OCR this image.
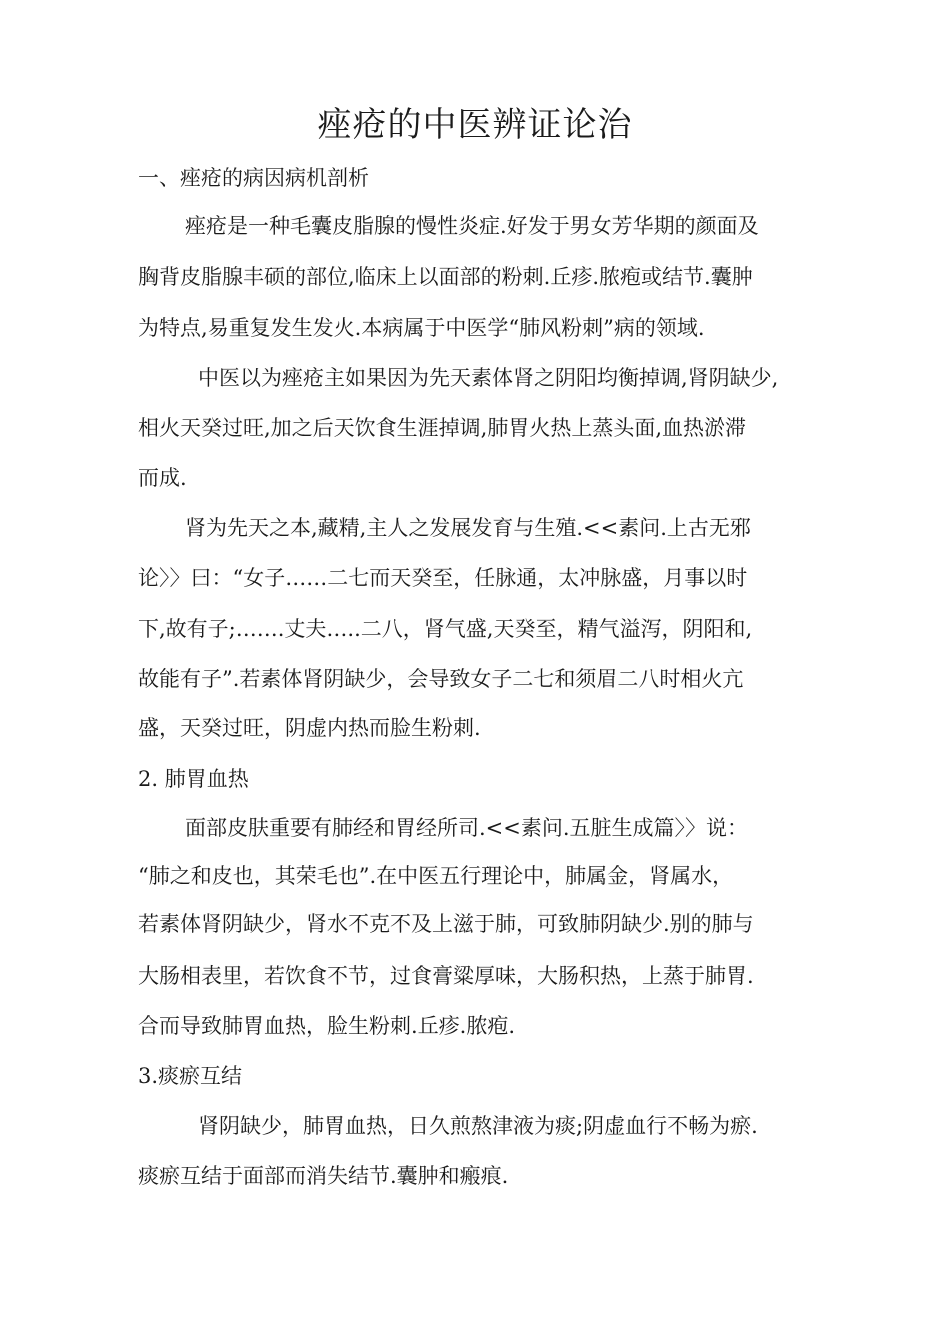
痤疮的中医辨证论治
一、痤疮的病因病机剖析
痤疮是一种毛囊皮脂腺的慢性炎症.好发于男女芳华期的颜面及
胸背皮脂腺丰硕的部位,临床上以面部的粉刺.丘疹.脓疱或结节.囊肿
为特点,易重复发生发火.本病属于中医学“肺风粉刺”病的领域.
中医以为痤疮主如果因为先天素体肾之阴阳均衡掉调,肾阴缺少,
相火天癸过旺,加之后天饮食生涯掉调,肺胃火热上蒸头面,血热淤滞
而成.
肾为先天之本,藏精,主人之发展发育与生殖.<<素问.上古无邪
论〉〉曰：“女子……二七而天癸至，任脉通，太冲脉盛，月事以时
下,故有子;…….丈夫…..二八，肾气盛,天癸至，精气溢泻，阴阳和,
故能有子”.若素体肾阴缺少，会导致女子二七和须眉二八时相火亢
盛，天癸过旺，阴虚内热而脸生粉刺.
2. 肺胃血热
面部皮肤重要有肺经和胃经所司.<<素问.五脏生成篇〉〉说：
“肺之和皮也，其荣毛也”.在中医五行理论中，肺属金，肾属水，
若素体肾阴缺少，肾水不克不及上滋于肺，可致肺阴缺少.别的肺与
大肠相表里，若饮食不节，过食膏粱厚味，大肠积热，上蒸于肺胃.
合而导致肺胃血热，脸生粉刺.丘疹.脓疱.
3.痰瘀互结
肾阴缺少，肺胃血热，日久煎熬津液为痰;阴虚血行不畅为瘀.
痰瘀互结于面部而消失结节.囊肿和瘢痕.
